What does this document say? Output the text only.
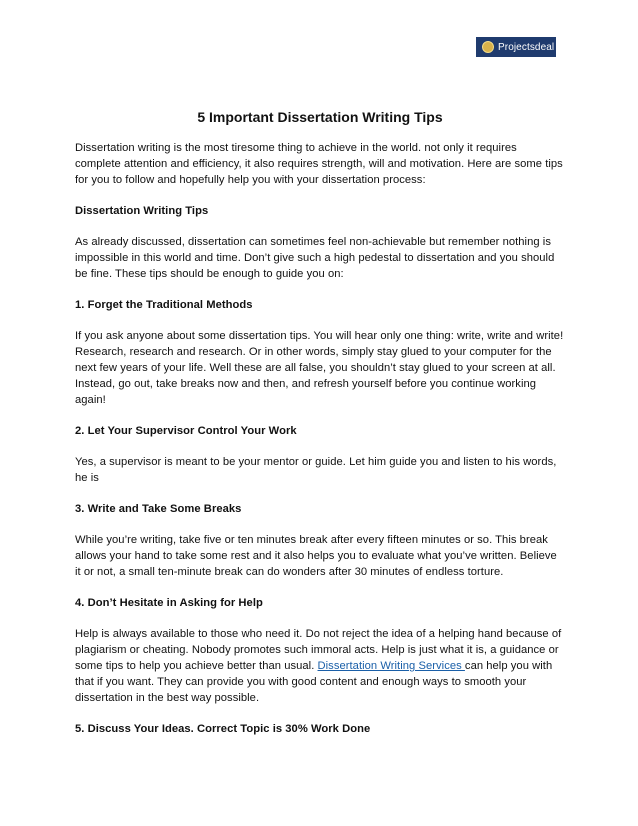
Projectsdeal
5 Important Dissertation Writing Tips

Dissertation writing is the most tiresome thing to achieve in the world. not only it requires complete attention and efficiency, it also requires strength, will and motivation. Here are some tips for you to follow and hopefully help you with your dissertation process:

Dissertation Writing Tips

As already discussed, dissertation can sometimes feel non-achievable but remember nothing is impossible in this world and time. Don’t give such a high pedestal to dissertation and you should be fine. These tips should be enough to guide you on:

1. Forget the Traditional Methods

If you ask anyone about some dissertation tips. You will hear only one thing: write, write and write! Research, research and research. Or in other words, simply stay glued to your computer for the next few years of your life. Well these are all false, you shouldn’t stay glued to your screen at all. Instead, go out, take breaks now and then, and refresh yourself before you continue working again!

2. Let Your Supervisor Control Your Work

Yes, a supervisor is meant to be your mentor or guide. Let him guide you and listen to his words, he is

3. Write and Take Some Breaks

While you’re writing, take five or ten minutes break after every fifteen minutes or so. This break allows your hand to take some rest and it also helps you to evaluate what you’ve written. Believe it or not, a small ten-minute break can do wonders after 30 minutes of endless torture.

4. Don’t Hesitate in Asking for Help

Help is always available to those who need it. Do not reject the idea of a helping hand because of plagiarism or cheating. Nobody promotes such immoral acts. Help is just what it is, a guidance or some tips to help you achieve better than usual. Dissertation Writing Services can help you with that if you want. They can provide you with good content and enough ways to smooth your dissertation in the best way possible.

5. Discuss Your Ideas. Correct Topic is 30% Work Done
